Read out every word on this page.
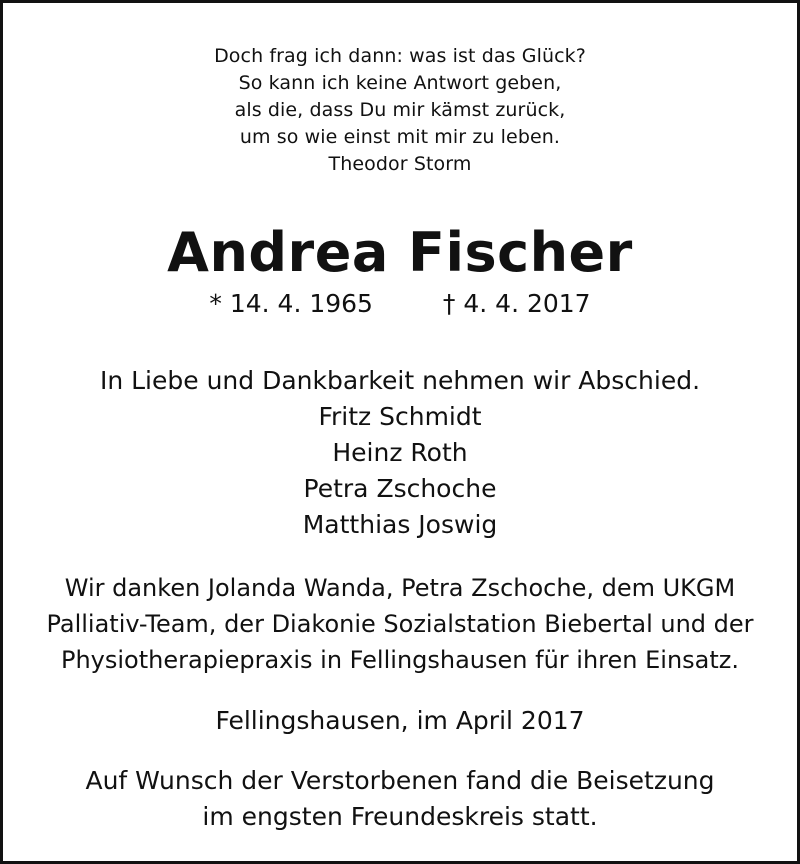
Doch frag ich dann: was ist das Glück?
So kann ich keine Antwort geben,
als die, dass Du mir kämst zurück,
um so wie einst mit mir zu leben.
Theodor Storm
Andrea Fischer
* 14. 4. 1965	† 4. 4. 2017
In Liebe und Dankbarkeit nehmen wir Abschied.
Fritz Schmidt
Heinz Roth
Petra Zschoche
Matthias Joswig
Wir danken Jolanda Wanda, Petra Zschoche, dem UKGM
Palliativ-Team, der Diakonie Sozialstation Biebertal und der
Physiotherapiepraxis in Fellingshausen für ihren Einsatz.
Fellingshausen, im April 2017
Auf Wunsch der Verstorbenen fand die Beisetzung
im engsten Freundeskreis statt.
